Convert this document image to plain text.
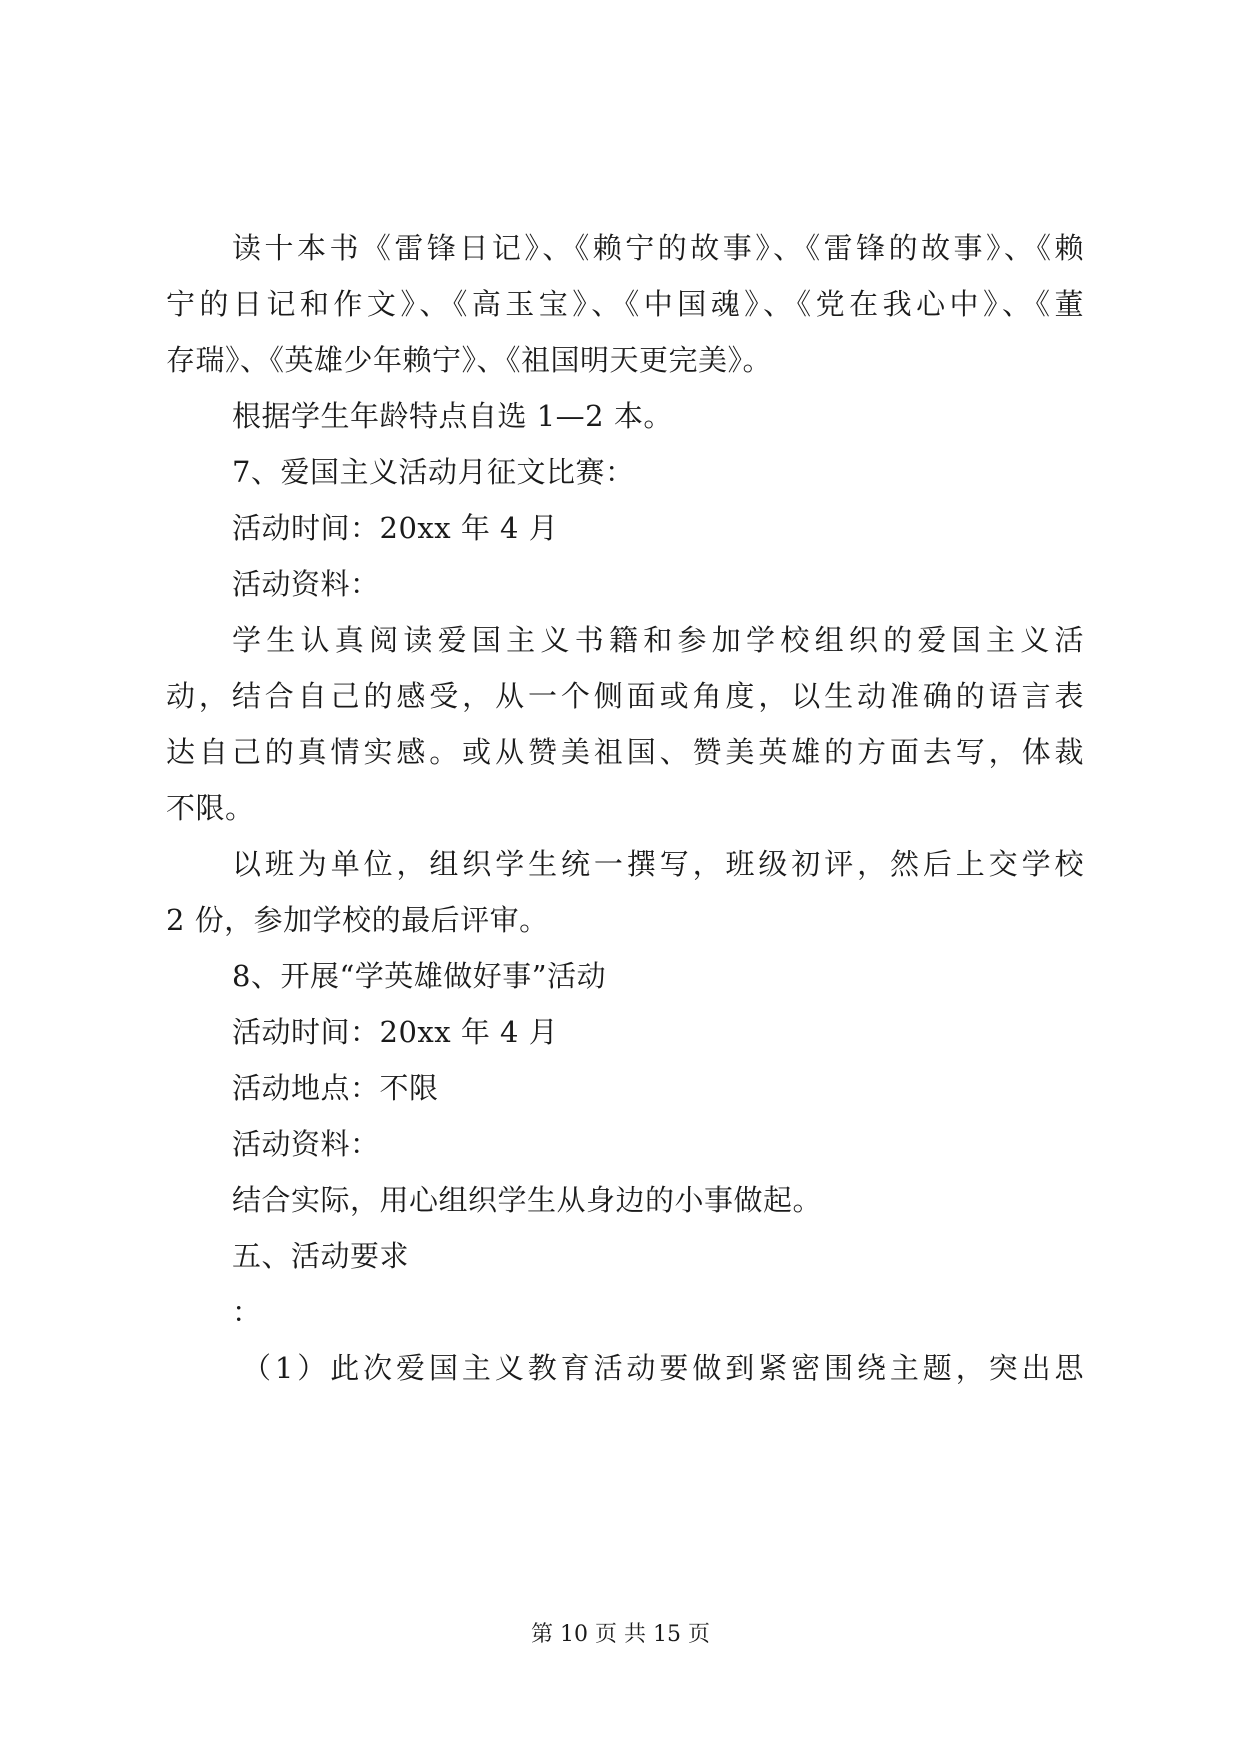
读十本书《雷锋日记》、《赖宁的故事》、《雷锋的故事》、《赖
宁的日记和作文》、《高玉宝》、《中国魂》、《党在我心中》、《董
存瑞》、《英雄少年赖宁》、《祖国明天更完美》。
根据学生年龄特点自选 1—2 本。
7、爱国主义活动月征文比赛：
活动时间：20xx 年 4 月
活动资料：
学生认真阅读爱国主义书籍和参加学校组织的爱国主义活
动，结合自己的感受，从一个侧面或角度，以生动准确的语言表
达自己的真情实感。或从赞美祖国、赞美英雄的方面去写，体裁
不限。
以班为单位，组织学生统一撰写，班级初评，然后上交学校
2 份，参加学校的最后评审。
8、开展“学英雄做好事”活动
活动时间：20xx 年 4 月
活动地点：不限
活动资料：
结合实际，用心组织学生从身边的小事做起。
五、活动要求
：
（1）此次爱国主义教育活动要做到紧密围绕主题，突出思
第 10 页 共 15 页
